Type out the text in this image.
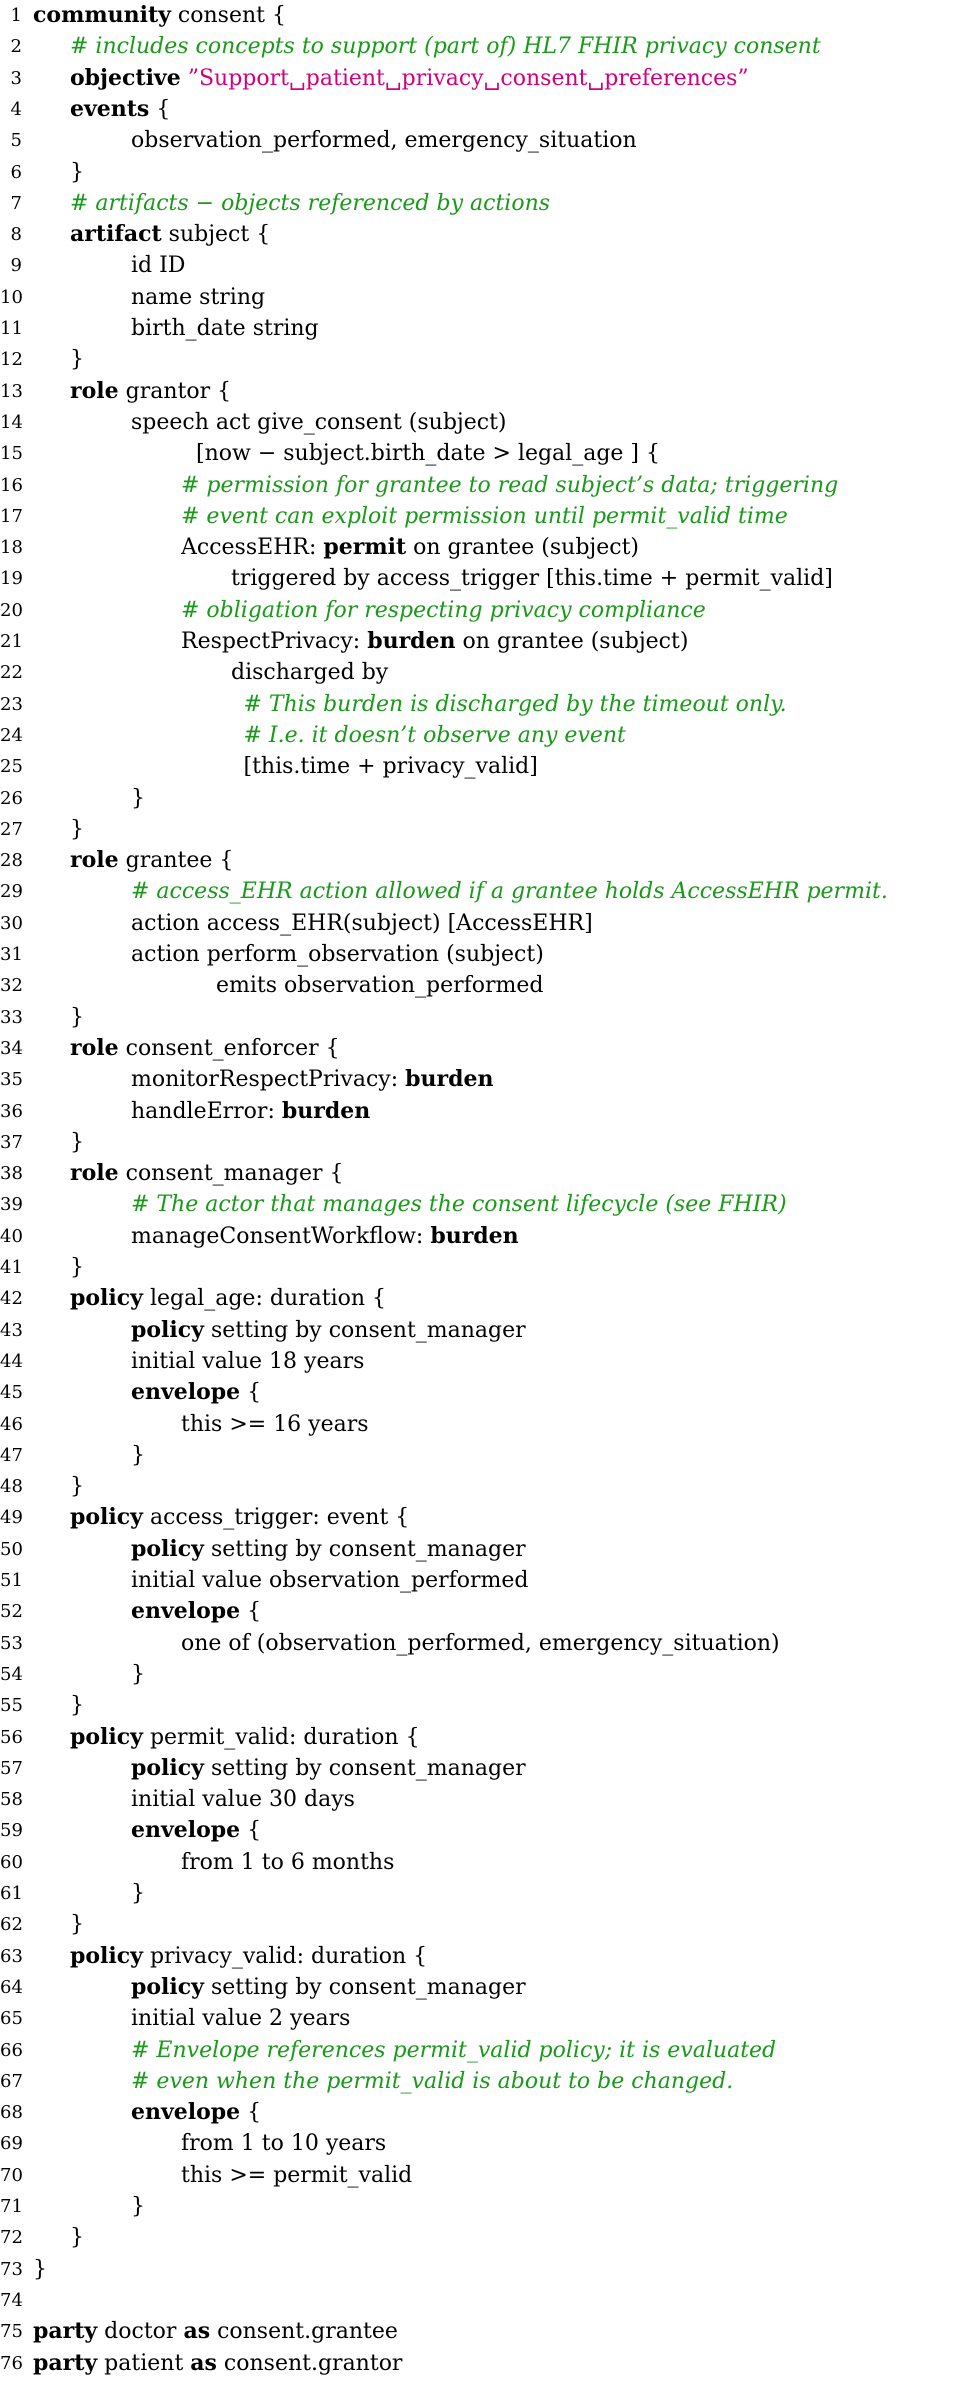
1 community consent {
2 # includes concepts to support (part of) HL7 FHIR privacy consent
3 objective ”Support␣patient␣privacy␣consent␣preferences”
4 events {
5	observation_performed, emergency_situation
6 }
7 # artifacts − objects referenced by actions
8 artifact subject {
9	id ID
10	name string
11	birth_date string
12 }
13 role grantor {
14	speech act give_consent (subject)
15	[now − subject.birth_date > legal_age ] {
16	# permission for grantee to read subject’s data; triggering
17	# event can exploit permission until permit_valid time
18	AccessEHR: permit on grantee (subject)
19	triggered by access_trigger [this.time + permit_valid]
20	# obligation for respecting privacy compliance
21	RespectPrivacy: burden on grantee (subject)
22	discharged by
23	# This burden is discharged by the timeout only.
24	# I.e. it doesn’t observe any event
25	[this.time + privacy_valid]
26	}
27 }
28 role grantee {
29	# access_EHR action allowed if a grantee holds AccessEHR permit.
30	action access_EHR(subject) [AccessEHR]
31	action perform_observation (subject)
32	emits observation_performed
33 }
34 role consent_enforcer {
35	monitorRespectPrivacy: burden
36	handleError: burden
37 }
38 role consent_manager {
39	# The actor that manages the consent lifecycle (see FHIR)
40	manageConsentWorkflow: burden
41 }
42 policy legal_age: duration {
43	policy setting by consent_manager
44	initial value 18 years
45	envelope {
46	this >= 16 years
47	}
48 }
49 policy access_trigger: event {
50	policy setting by consent_manager
51	initial value observation_performed
52	envelope {
53	one of (observation_performed, emergency_situation)
54	}
55 }
56 policy permit_valid: duration {
57	policy setting by consent_manager
58	initial value 30 days
59	envelope {
60	from 1 to 6 months
61	}
62 }
63 policy privacy_valid: duration {
64	policy setting by consent_manager
65	initial value 2 years
66	# Envelope references permit_valid policy; it is evaluated
67	# even when the permit_valid is about to be changed.
68	envelope {
69	from 1 to 10 years
70	this >= permit_valid
71	}
72 }
73 }
74
75 party doctor as consent.grantee
76 party patient as consent.grantor
